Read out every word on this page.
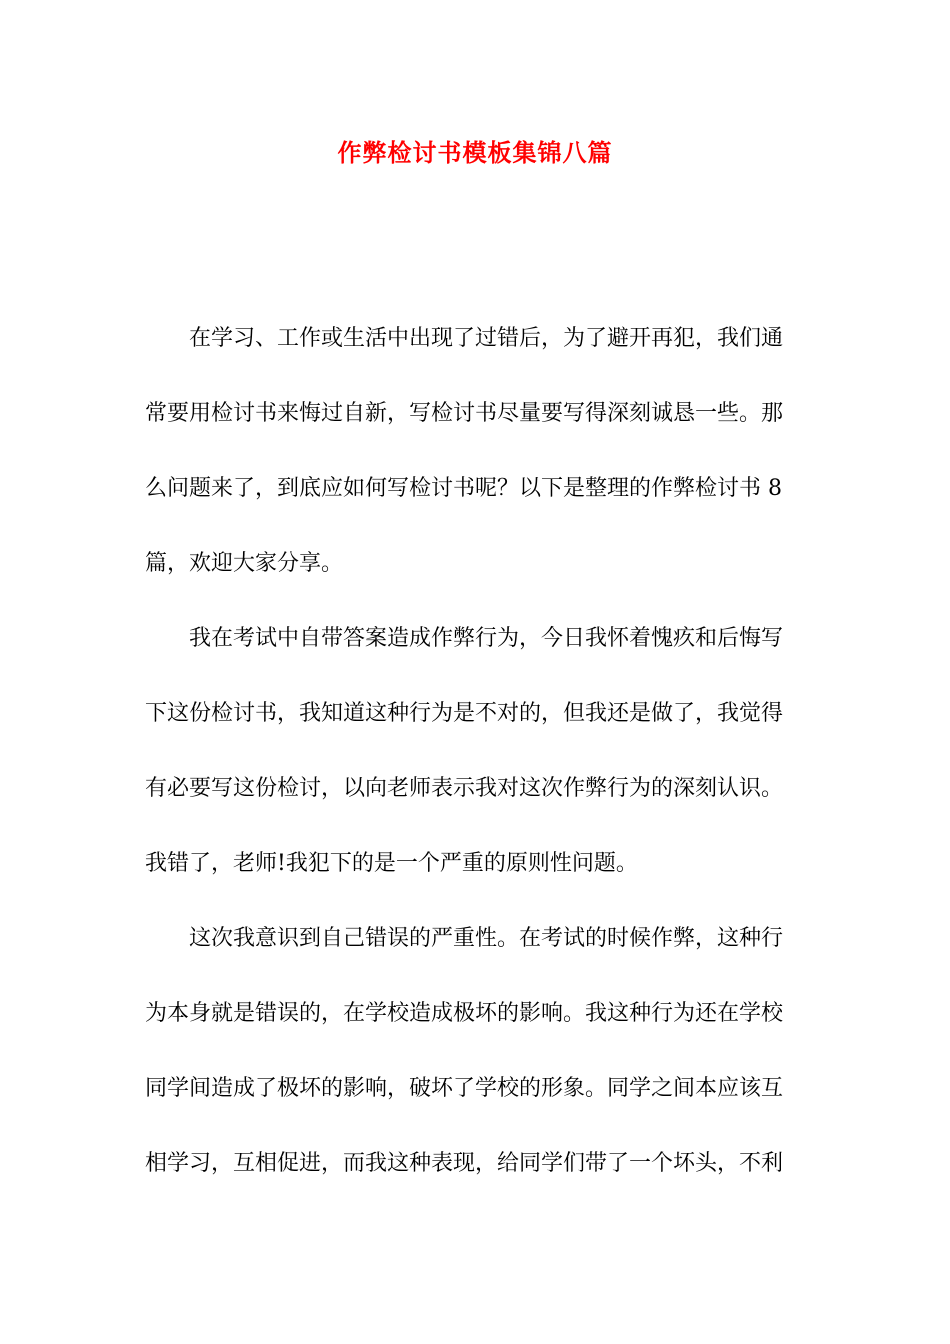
作弊检讨书模板集锦八篇
在学习、工作或生活中出现了过错后，为了避开再犯，我们通
常要用检讨书来悔过自新，写检讨书尽量要写得深刻诚恳一些。那
么问题来了，到底应如何写检讨书呢？以下是整理的作弊检讨书 8
篇，欢迎大家分享。
我在考试中自带答案造成作弊行为，今日我怀着愧疚和后悔写
下这份检讨书，我知道这种行为是不对的，但我还是做了，我觉得
有必要写这份检讨，以向老师表示我对这次作弊行为的深刻认识。
我错了，老师!我犯下的是一个严重的原则性问题。
这次我意识到自己错误的严重性。在考试的时候作弊，这种行
为本身就是错误的，在学校造成极坏的影响。我这种行为还在学校
同学间造成了极坏的影响，破坏了学校的形象。同学之间本应该互
相学习，互相促进，而我这种表现，给同学们带了一个坏头，不利
